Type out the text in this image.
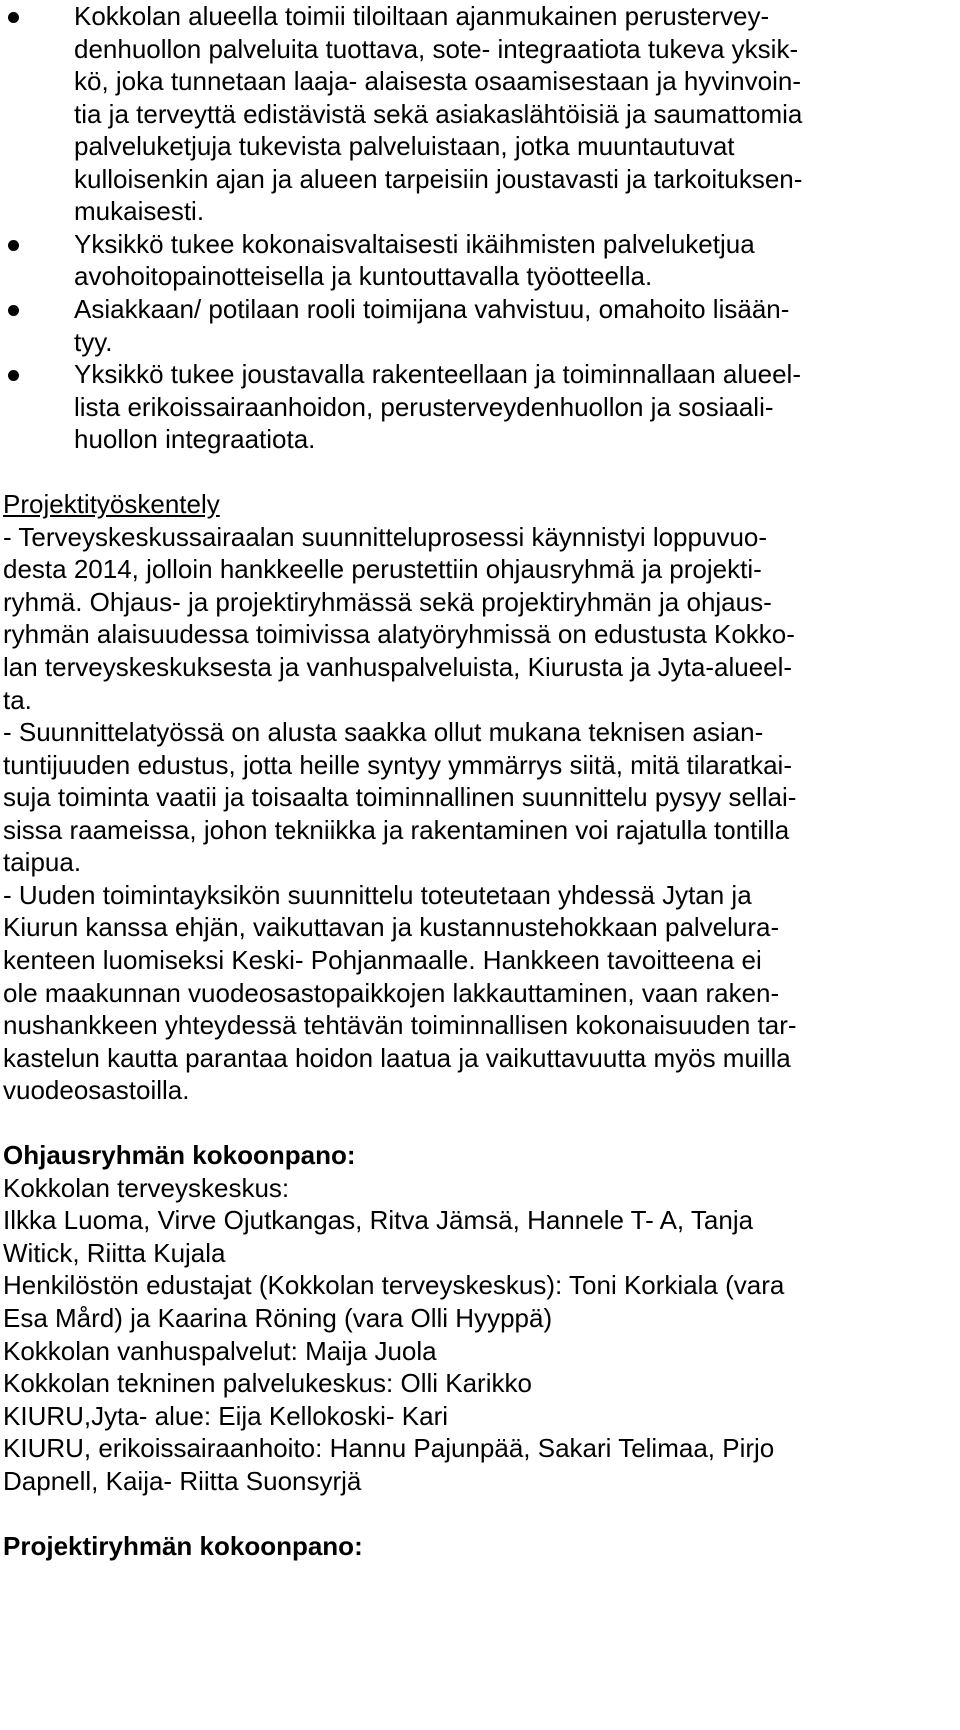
Kokkolan alueella toimii tiloiltaan ajanmukainen perustervey-
denhuollon palveluita tuottava, sote- integraatiota tukeva yksik-
kö, joka tunnetaan laaja- alaisesta osaamisestaan ja hyvinvoin-
tia ja terveyttä edistävistä sekä asiakaslähtöisiä ja saumattomia
palveluketjuja tukevista palveluistaan, jotka muuntautuvat
kulloisenkin ajan ja alueen tarpeisiin joustavasti ja tarkoituksen-
mukaisesti.
Yksikkö tukee kokonaisvaltaisesti ikäihmisten palveluketjua
avohoitopainotteisella ja kuntouttavalla työotteella.
Asiakkaan/ potilaan rooli toimijana vahvistuu, omahoito lisään-
tyy.
Yksikkö tukee joustavalla rakenteellaan ja toiminnallaan alueel-
lista erikoissairaanhoidon, perusterveydenhuollon ja sosiaali-
huollon integraatiota.
Projektityöskentely
- Terveyskeskussairaalan suunnitteluprosessi käynnistyi loppuvuo-
desta 2014, jolloin hankkeelle perustettiin ohjausryhmä ja projekti-
ryhmä. Ohjaus- ja projektiryhmässä sekä projektiryhmän ja ohjaus-
ryhmän alaisuudessa toimivissa alatyöryhmissä on edustusta Kokko-
lan terveyskeskuksesta ja vanhuspalveluista, Kiurusta ja Jyta-alueel-
ta.
- Suunnittelatyössä on alusta saakka ollut mukana teknisen asian-
tuntijuuden edustus, jotta heille syntyy ymmärrys siitä, mitä tilaratkai-
suja toiminta vaatii ja toisaalta toiminnallinen suunnittelu pysyy sellai-
sissa raameissa, johon tekniikka ja rakentaminen voi rajatulla tontilla
taipua.
- Uuden toimintayksikön suunnittelu toteutetaan yhdessä Jytan ja
Kiurun kanssa ehjän, vaikuttavan ja kustannustehokkaan palvelura-
kenteen luomiseksi Keski- Pohjanmaalle. Hankkeen tavoitteena ei
ole maakunnan vuodeosastopaikkojen lakkauttaminen, vaan raken-
nushankkeen yhteydessä tehtävän toiminnallisen kokonaisuuden tar-
kastelun kautta parantaa hoidon laatua ja vaikuttavuutta myös muilla
vuodeosastoilla.
Ohjausryhmän kokoonpano:
Kokkolan terveyskeskus:
Ilkka Luoma, Virve Ojutkangas, Ritva Jämsä, Hannele T- A, Tanja
Witick, Riitta Kujala
Henkilöstön edustajat (Kokkolan terveyskeskus): Toni Korkiala (vara
Esa Mård) ja Kaarina Röning (vara Olli Hyyppä)
Kokkolan vanhuspalvelut: Maija Juola
Kokkolan tekninen palvelukeskus: Olli Karikko
KIURU,Jyta- alue: Eija Kellokoski- Kari
KIURU, erikoissairaanhoito: Hannu Pajunpää, Sakari Telimaa, Pirjo
Dapnell, Kaija- Riitta Suonsyrjä
Projektiryhmän kokoonpano:
